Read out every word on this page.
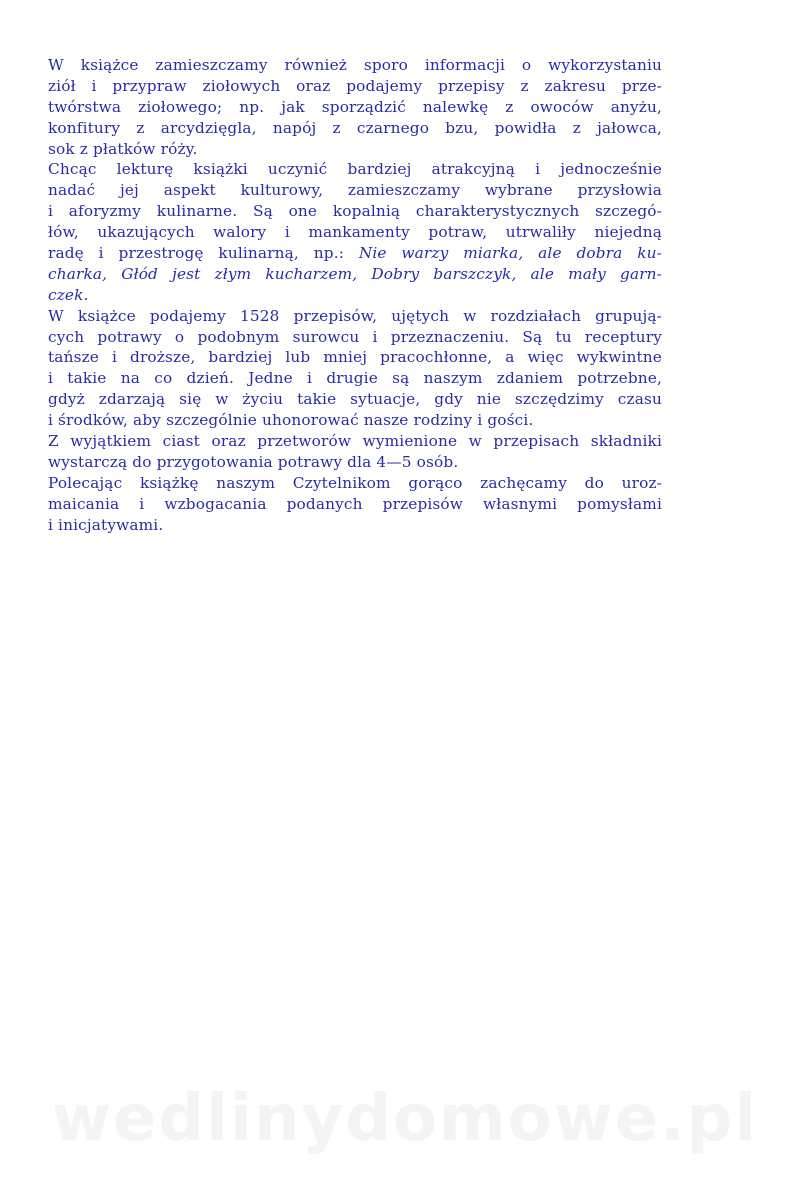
W książce zamieszczamy również sporo informacji o wykorzystaniu
ziół i przypraw ziołowych oraz podajemy przepisy z zakresu prze-
twórstwa ziołowego; np. jak sporządzić nalewkę z owoców anyżu,
konfitury z arcydzięgla, napój z czarnego bzu, powidła z jałowca,
sok z płatków róży.
Chcąc lekturę książki uczynić bardziej atrakcyjną i jednocześnie
nadać jej aspekt kulturowy, zamieszczamy wybrane przysłowia
i aforyzmy kulinarne. Są one kopalnią charakterystycznych szczegó-
łów, ukazujących walory i mankamenty potraw, utrwaliły niejedną
radę i przestrogę kulinarną, np.: Nie warzy miarka, ale dobra ku-
charka, Głód jest złym kucharzem, Dobry barszczyk, ale mały garn-
czek.
W książce podajemy 1528 przepisów, ujętych w rozdziałach grupują-
cych potrawy o podobnym surowcu i przeznaczeniu. Są tu receptury
tańsze i droższe, bardziej lub mniej pracochłonne, a więc wykwintne
i takie na co dzień. Jedne i drugie są naszym zdaniem potrzebne,
gdyż zdarzają się w życiu takie sytuacje, gdy nie szczędzimy czasu
i środków, aby szczególnie uhonorować nasze rodziny i gości.
Z wyjątkiem ciast oraz przetworów wymienione w przepisach składniki
wystarczą do przygotowania potrawy dla 4—5 osób.
Polecając książkę naszym Czytelnikom gorąco zachęcamy do uroz-
maicania i wzbogacania podanych przepisów własnymi pomysłami
i inicjatywami.
wedlinydomowe.pl
